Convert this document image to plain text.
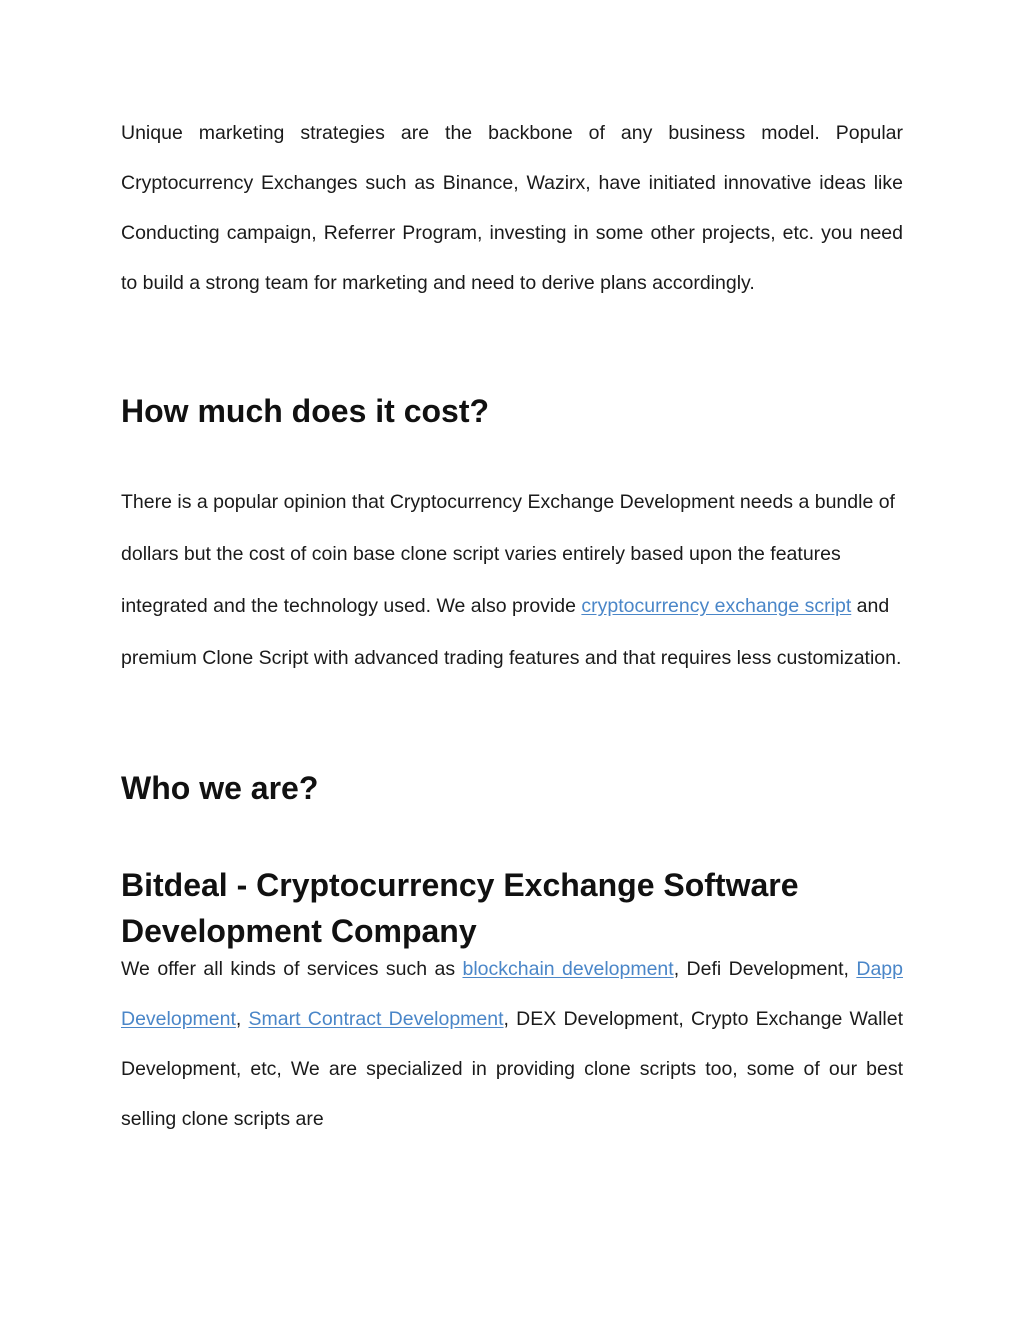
Unique marketing strategies are the backbone of any business model. Popular Cryptocurrency Exchanges such as Binance, Wazirx, have initiated innovative ideas like Conducting campaign, Referrer Program, investing in some other projects, etc. you need to build a strong team for marketing and need to derive plans accordingly.

How much does it cost?

There is a popular opinion that Cryptocurrency Exchange Development needs a bundle of dollars but the cost of coin base clone script varies entirely based upon the features integrated and the technology used. We also provide cryptocurrency exchange script and premium Clone Script with advanced trading features and that requires less customization.

Who we are?
Bitdeal - Cryptocurrency Exchange Software Development Company

We offer all kinds of services such as blockchain development, Defi Development, Dapp Development, Smart Contract Development, DEX Development, Crypto Exchange Wallet Development, etc, We are specialized in providing clone scripts too, some of our best selling clone scripts are
